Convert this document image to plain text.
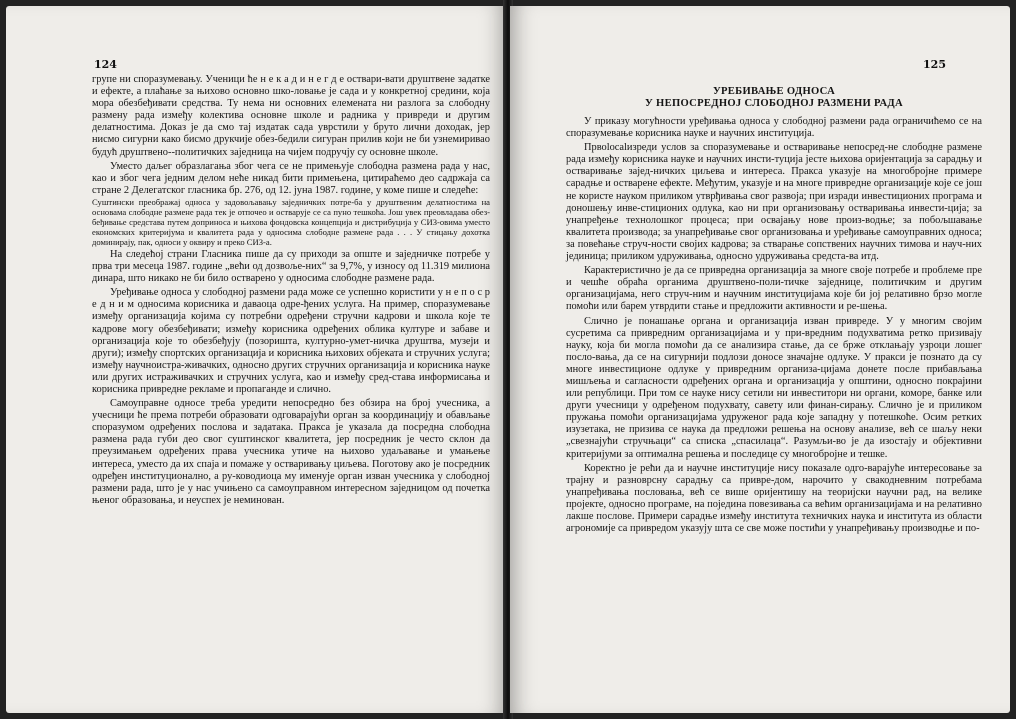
124

групе ни споразумевању. Ученици ће н е к а д и н е г д е оствари-вати друштвене задатке и ефекте, а плаћање за њихово основно шко-ловање је сада и у конкретној средини, која мора обезбеђивати средства. Ту нема ни основних елемената ни разлога за слободну размену рада између колектива основне школе и радника у привреди и другим делатностима. Доказ је да смо тај издатак сада уврстили у бруто лични доходак, јер нисмо сигурни како бисмо друкчије обез-бедили сигуран прилив који не би узнемиривао будућ друштвено--политичких заједница на чијем подручју су основне школе.

Уместо даљег образлагања због чега се не примењује слободна размена рада у нас, као и због чега једним делом неће никад бити примењена, цитираћемо део садржаја са стране 2 Делегатског гласника бр. 276, од 12. јуна 1987. године, у коме пише и следеће:

Суштински преображај односа у задовољавању заједничких потре-ба у друштвеним делатностима на основама слободне размене рада тек је отпочео и остварује се са пуно тешкоћа. Још увек преовладава обез-беђивање средстава путем доприноса и њихова фондовска концепција и дистрибуција у СИЗ-овима уместо економских критеријума и квалитета рада у односима слободне размене рада . . . У стицању дохотка доминирају, пак, односи у оквиру и преко СИЗ-а.

На следећој страни Гласника пише да су приходи за опште и заједничке потребе у прва три месеца 1987. године „већи од дозвоље-них“ за 9,7%, у износу од 11.319 милиона динара, што никако не би било остварено у односима слободне размене рада.

Уређивање односа у слободној размени рада може се успешно користити у н е п о с р е д н и м односима корисника и даваоца одре-ђених услуга. На пример, споразумевање између организација којима су потребни одређени стручни кадрови и школа које те кадрове могу обезбеђивати; између корисника одређених облика културе и забаве и организација које то обезбеђују (позоришта, културно-умет-ничка друштва, музеји и други); између спортских организација и корисника њихових објеката и стручних услуга; између научноистра-живачких, односно других стручних организација и корисника науке или других истраживачких и стручних услуга, као и између сред-става информисања и корисника привредне рекламе и пропаганде и слично.

Самоуправне односе треба уредити непосредно без обзира на број учесника, а учесници ће према потреби образовати одговарајући орган за координацију и обављање споразумом одређених послова и задатака. Пракса је указала да посредна слободна размена рада губи део свог суштинског квалитета, јер посредник је често склон да преузимањем одређених права учесника утиче на њихово удаљавање и умањење интереса, уместо да их спаја и помаже у остваривању циљева. Поготову ако је посредник одређен институционално, а ру-ководиоца му именује орган изван учесника у слободној размени рада, што је у нас учињено са самоуправном интересном заједницом од почетка њеног образовања, и неуспех је неминован.

125
УРЕБИВАЊЕ ОДНОСА
У НЕПОСРЕДНОЈ СЛОБОДНОЈ РАЗМЕНИ РАДА

У приказу могућности уређивања односа у слободној размени рада ограничићемо се на споразумевање корисника науке и научних институција.

Првоlocalизреди услов за споразумевање и остваривање непосред-не слободне размене рада између корисника науке и научних инсти-туција јесте њихова оријентација за сарадњу и остваривање зајед-ничких циљева и интереса. Пракса указује на многобројне примере сарадње и остварене ефекте. Међутим, указује и на многе привредне организације које се још не користе науком приликом утврђивања свог развоја; при изради инвестиционих програма и доношењу инве-стиционих одлука, као ни при организовању остваривања инвести-ција; за унапређење технолошког процеса; при освајању нове произ-водње; за побољшавање квалитета производа; за унапређивање свог организовања и уређивање самоуправних односа; за повећање струч-ности својих кадрова; за стварање сопствених научних тимова и науч-них јединица; приликом удруживања, односно удруживања средста-ва итд.

Карактеристично је да се привредна организација за многе своје потребе и проблеме пре и чешће обраћа органима друштвено-поли-тичке заједнице, политичким и другим организацијама, него струч-ним и научним институцијама које би јој релативно брзо могле помоћи или барем утврдити стање и предложити активности и ре-шења.

Слично је понашање органа и организација изван привреде. У у многим својим сусретима са привредним организацијама и у при-вредним подухватима ретко призивају науку, која би могла помоћи да се анализира стање, да се брже отклањају узроци лошег посло-вања, да се на сигурнији подлози доносе значајне одлуке. У пракси је познато да су многе инвестиционе одлуке у привредним организа-цијама донете после прибављања мишљења и сагласности одређених органа и организација у општини, односно покрајини или републици. При том се науке нису сетили ни инвеститори ни органи, коморе, банке или други учесници у одређеном подухвату, савету или финан-сирању. Слично је и приликом пружања помоћи организацијама удруженог рада које западну у потешкоће. Осим ретких изузетака, не призива се наука да предложи решења на основу анализе, већ се шаљу неки „свезнајући стручњаци“ са списка „спасилаца“. Разумљи-во је да изостају и објективни критеријуми за оптимална решења и последице су многобројне и тешке.

Коректно је рећи да и научне институције нису показале одго-варајуће интересовање за трајну и разноврсну сарадњу са привре-дом, нарочито у свакодневним потребама унапређивања пословања, већ се више оријентишу на теоријски научни рад, на велике пројекте, односно програме, на поједина повезивања са већим организацијама и на релативно лакше послове. Примери сарадње између института техничких наука и института из области агрономије са привредом указују шта се све може постићи у унапређивању производње и по-
